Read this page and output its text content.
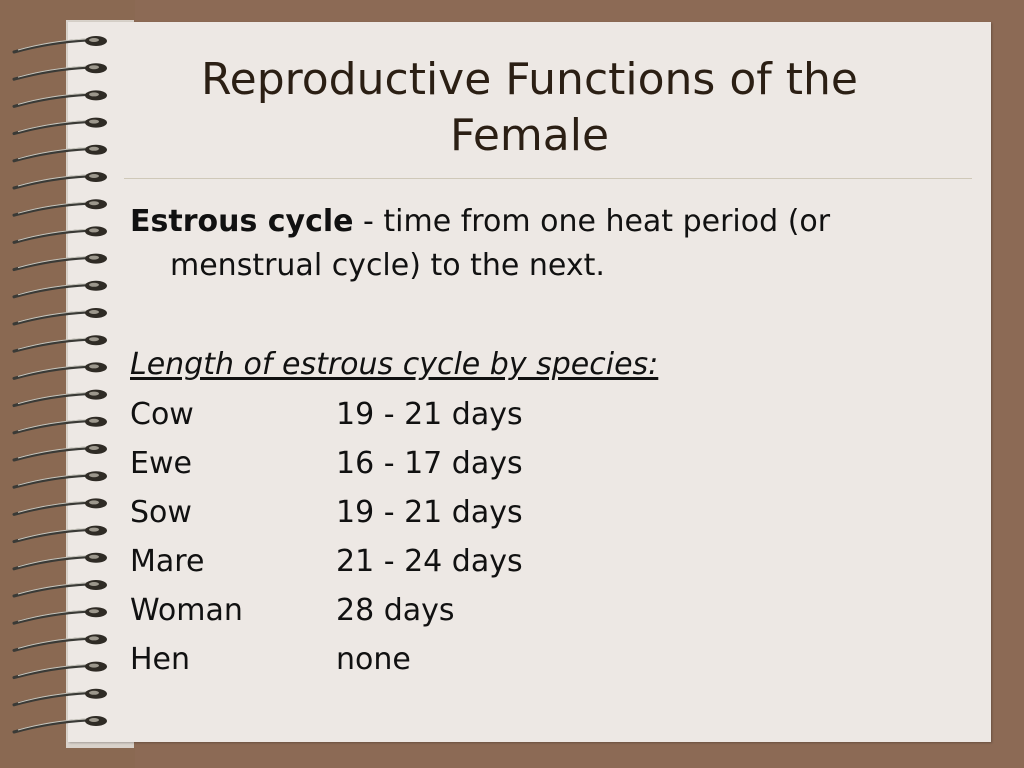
Reproductive Functions of the
Female

Estrous cycle - time from one heat period (or menstrual cycle) to the next.

Length of estrous cycle by species:
Cow	19 - 21 days
Ewe	16 - 17 days
Sow	19 - 21 days
Mare	21 - 24 days
Woman	28 days
Hen	none
